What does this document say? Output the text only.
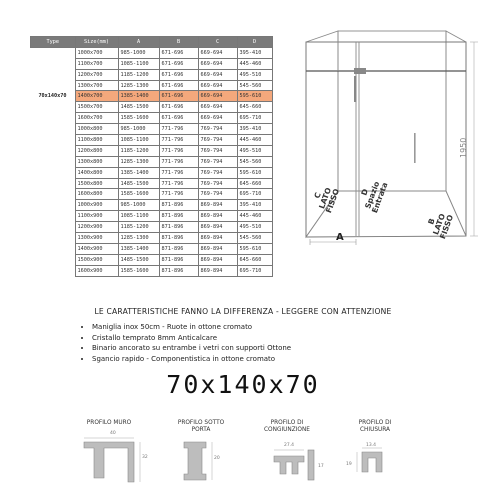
Type	Size(mm)	A	B	C	D
	1000x700	985-1000	671-696	669-694	395-410
	1100x700	1085-1100	671-696	669-694	445-460
	1200x700	1185-1200	671-696	669-694	495-510
	1300x700	1285-1300	671-696	669-694	545-560
70x140x70	1400x700	1385-1400	671-696	669-694	595-610
	1500x700	1485-1500	671-696	669-694	645-660
	1600x700	1585-1600	671-696	669-694	695-710
	1000x800	985-1000	771-796	769-794	395-410
	1100x800	1085-1100	771-796	769-794	445-460
	1200x800	1185-1200	771-796	769-794	495-510
	1300x800	1285-1300	771-796	769-794	545-560
	1400x800	1385-1400	771-796	769-794	595-610
	1500x800	1485-1500	771-796	769-794	645-660
	1600x800	1585-1600	771-796	769-794	695-710
	1000x900	985-1000	871-896	869-894	395-410
	1100x900	1085-1100	871-896	869-894	445-460
	1200x900	1185-1200	871-896	869-894	495-510
	1300x900	1285-1300	871-896	869-894	545-560
	1400x900	1385-1400	871-896	869-894	595-610
	1500x900	1485-1500	871-896	869-894	645-660
	1600x900	1585-1600	871-896	869-894	695-710
1950
C
LATO
FISSO
B
LATO
FISSO
D
Spazio
Entrata
A
LE CARATTERISTICHE FANNO LA DIFFERENZA - LEGGERE CON ATTENZIONE
• Maniglia inox 50cm - Ruote in ottone cromato
• Cristallo temprato 8mm Anticalcare
• Binario ancorato su entrambe i vetri con supporti Ottone
• Sgancio rapido - Componentistica in ottone cromato
70x140x70
PROFILO MURO	PROFILO SOTTO
PORTA
PROFILO DI
CONGIUNZIONE
PROFILO DI
CHIUSURA
40
32	20
27.4
17
13.4
19
